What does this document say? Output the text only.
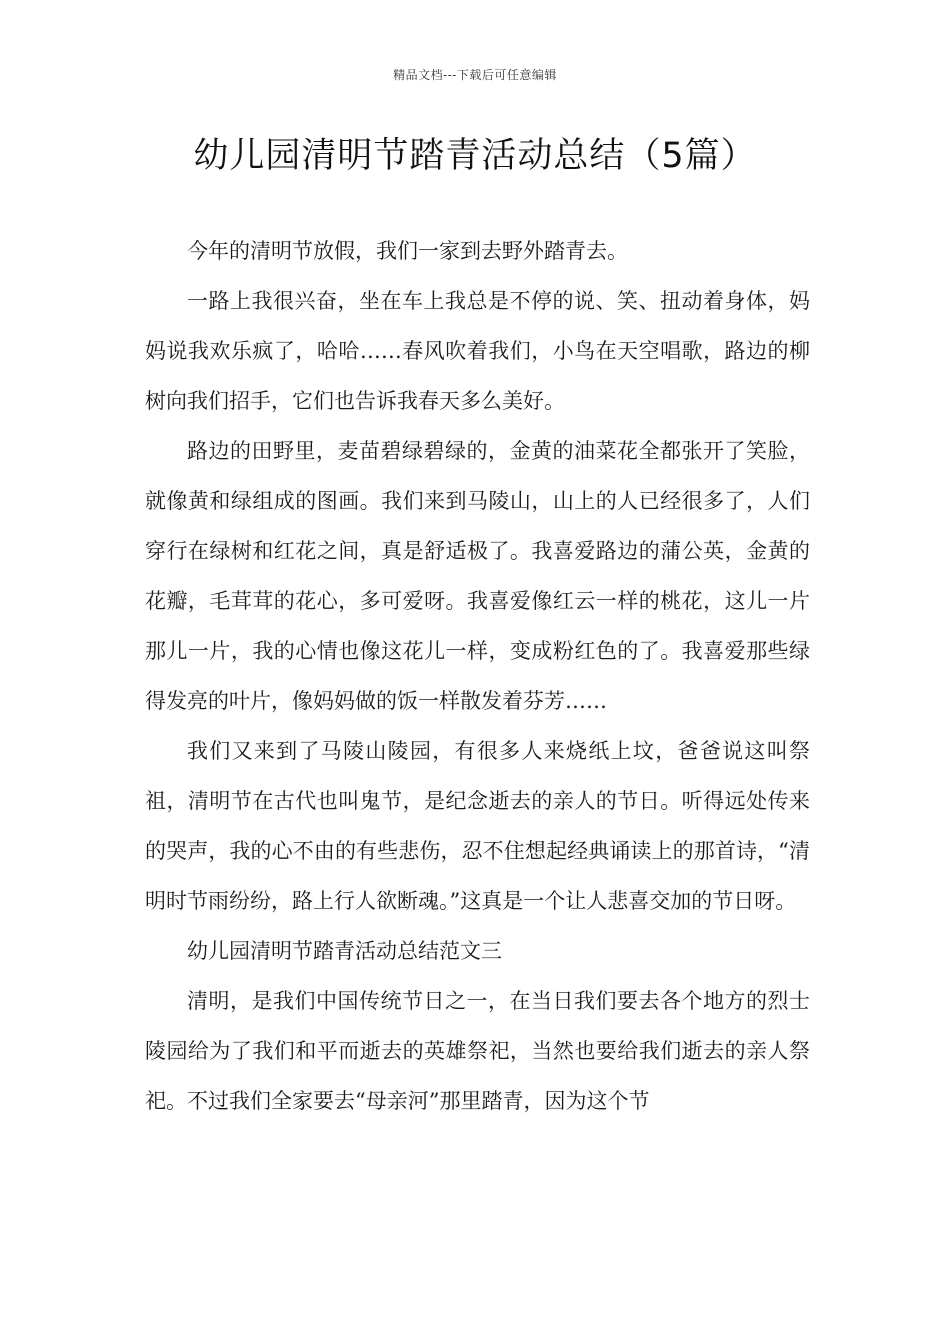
精品文档---下载后可任意编辑
幼儿园清明节踏青活动总结（5篇）

今年的清明节放假，我们一家到去野外踏青去。

一路上我很兴奋，坐在车上我总是不停的说、笑、扭动着身体，妈妈说我欢乐疯了，哈哈……春风吹着我们，小鸟在天空唱歌，路边的柳树向我们招手，它们也告诉我春天多么美好。

路边的田野里，麦苗碧绿碧绿的，金黄的油菜花全都张开了笑脸，就像黄和绿组成的图画。我们来到马陵山，山上的人已经很多了，人们穿行在绿树和红花之间，真是舒适极了。我喜爱路边的蒲公英，金黄的花瓣，毛茸茸的花心，多可爱呀。我喜爱像红云一样的桃花，这儿一片那儿一片，我的心情也像这花儿一样，变成粉红色的了。我喜爱那些绿得发亮的叶片，像妈妈做的饭一样散发着芬芳……

我们又来到了马陵山陵园，有很多人来烧纸上坟，爸爸说这叫祭祖，清明节在古代也叫鬼节，是纪念逝去的亲人的节日。听得远处传来的哭声，我的心不由的有些悲伤，忍不住想起经典诵读上的那首诗，“清明时节雨纷纷，路上行人欲断魂。”这真是一个让人悲喜交加的节日呀。

幼儿园清明节踏青活动总结范文三

清明，是我们中国传统节日之一，在当日我们要去各个地方的烈士陵园给为了我们和平而逝去的英雄祭祀，当然也要给我们逝去的亲人祭祀。不过我们全家要去“母亲河”那里踏青，因为这个节
